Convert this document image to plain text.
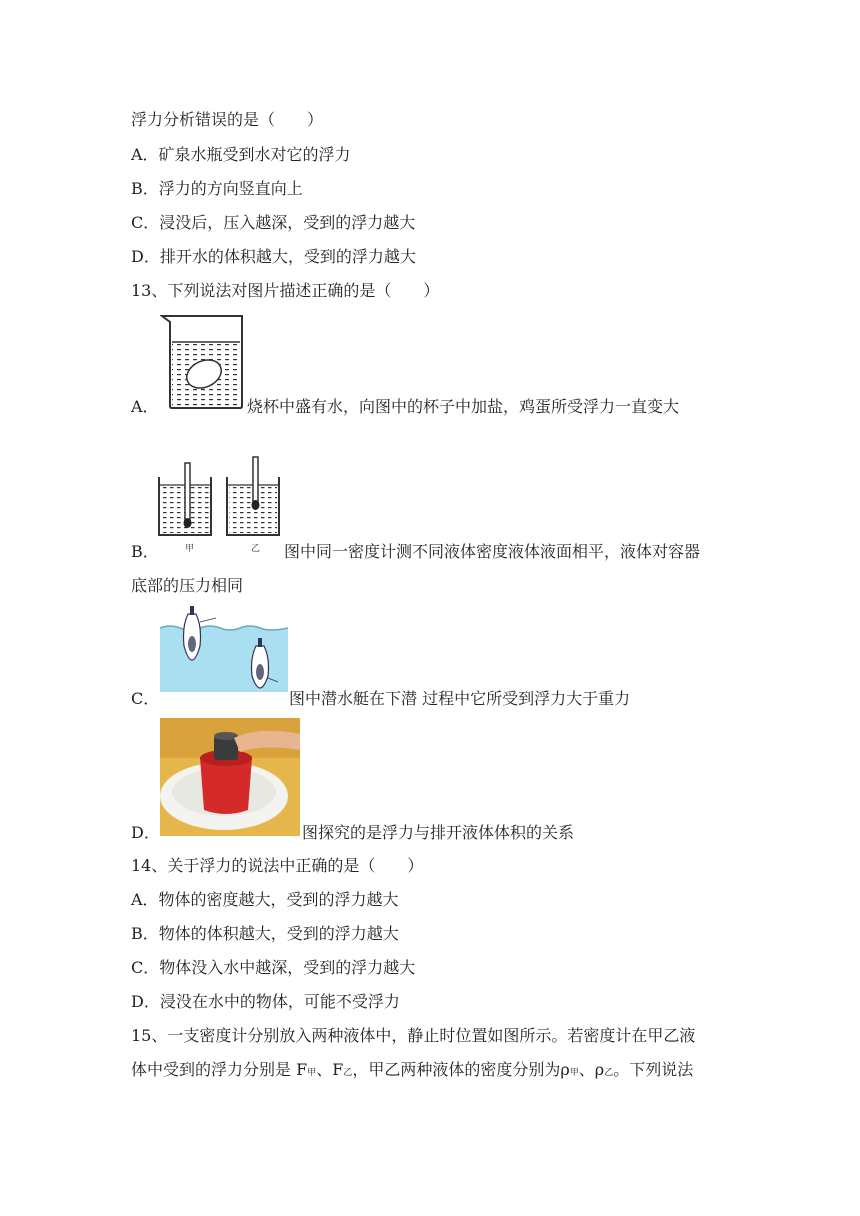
浮力分析错误的是（　　）
A．矿泉水瓶受到水对它的浮力
B．浮力的方向竖直向上
C．浸没后，压入越深，受到的浮力越大
D．排开水的体积越大，受到的浮力越大
13、下列说法对图片描述正确的是（　　）
A．	烧杯中盛有水，向图中的杯子中加盐，鸡蛋所受浮力一直变大
甲	乙
B．	图中同一密度计测不同液体密度液体液面相平，液体对容器
底部的压力相同
C．	图中潜水艇在下潜 过程中它所受到浮力大于重力
D．	图探究的是浮力与排开液体体积的关系
14、关于浮力的说法中正确的是（　　）
A．物体的密度越大，受到的浮力越大
B．物体的体积越大，受到的浮力越大
C．物体没入水中越深，受到的浮力越大
D．浸没在水中的物体，可能不受浮力
15、一支密度计分别放入两种液体中，静止时位置如图所示。若密度计在甲乙液
体中受到的浮力分别是 F甲、F乙，甲乙两种液体的密度分别为ρ甲、ρ乙。下列说法
